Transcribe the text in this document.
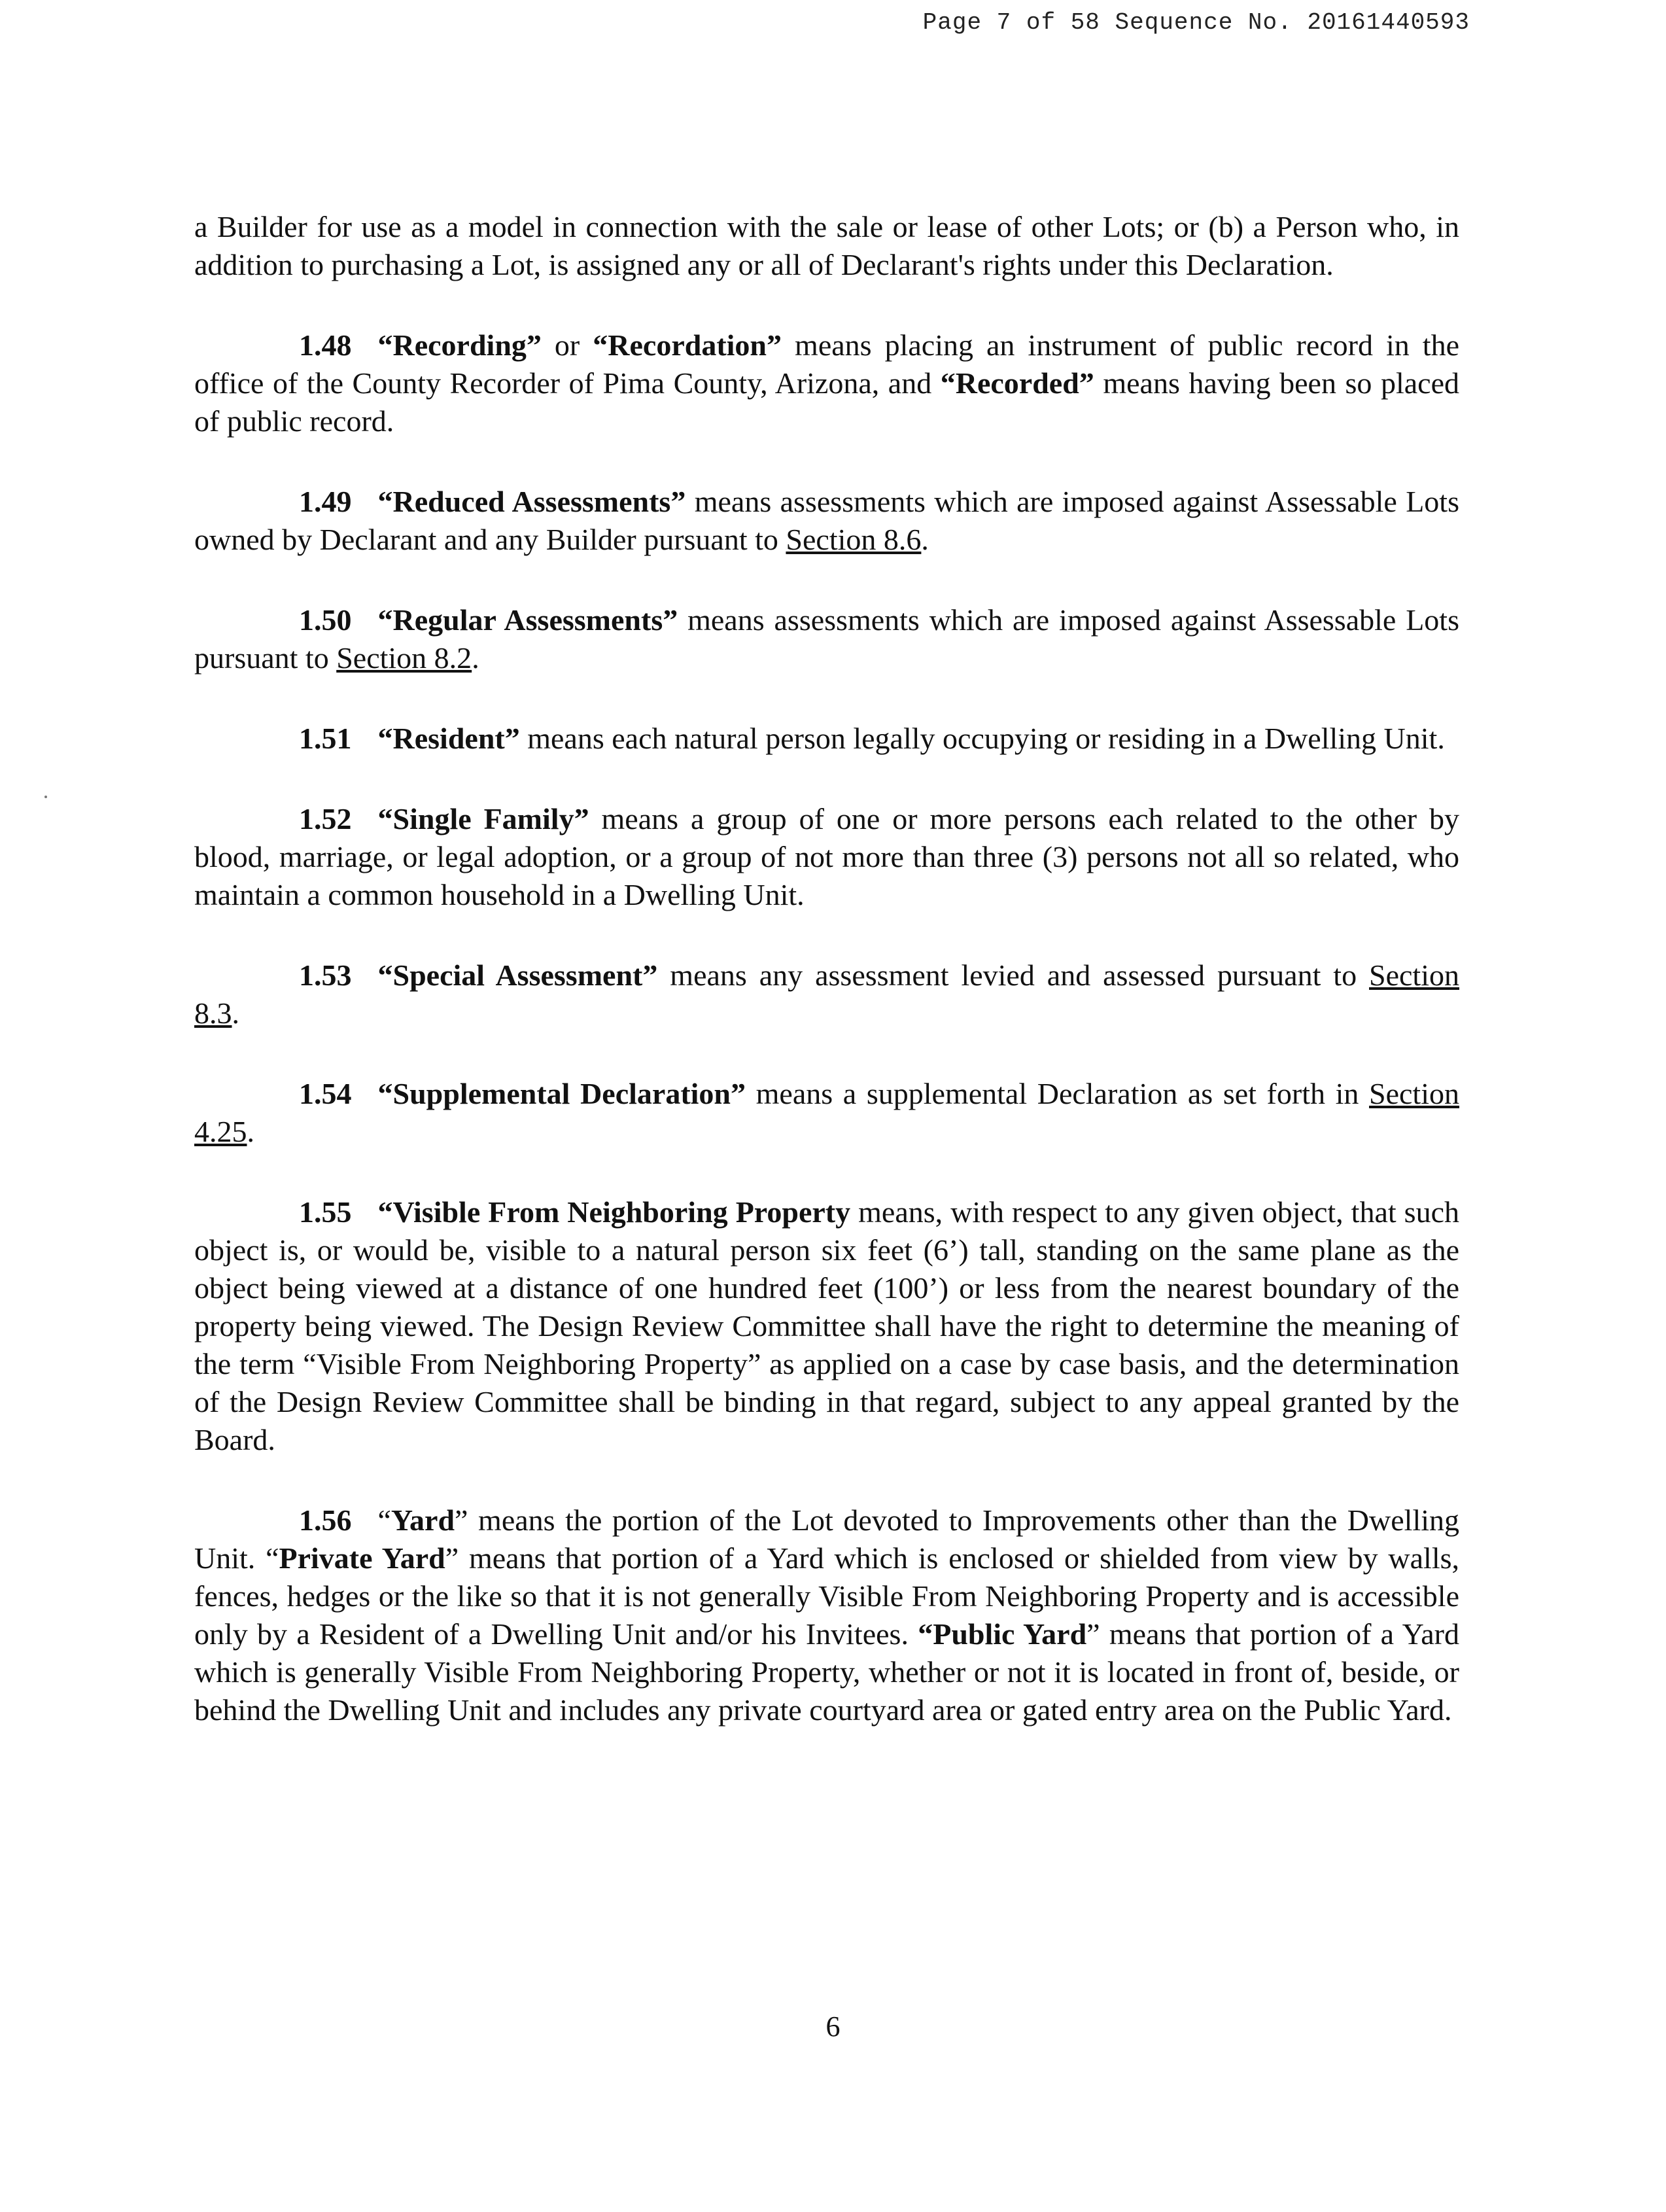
Page 7 of 58 Sequence No. 20161440593

a Builder for use as a model in connection with the sale or lease of other Lots; or (b) a Person who, in addition to purchasing a Lot, is assigned any or all of Declarant's rights under this Declaration.

1.48 “Recording” or “Recordation” means placing an instrument of public record in the office of the County Recorder of Pima County, Arizona, and “Recorded” means having been so placed of public record.

1.49 “Reduced Assessments” means assessments which are imposed against Assessable Lots owned by Declarant and any Builder pursuant to Section 8.6.

1.50 “Regular Assessments” means assessments which are imposed against Assessable Lots pursuant to Section 8.2.

1.51 “Resident” means each natural person legally occupying or residing in a Dwelling Unit.

1.52 “Single Family” means a group of one or more persons each related to the other by blood, marriage, or legal adoption, or a group of not more than three (3) persons not all so related, who maintain a common household in a Dwelling Unit.

1.53 “Special Assessment” means any assessment levied and assessed pursuant to Section 8.3.

1.54 “Supplemental Declaration” means a supplemental Declaration as set forth in Section 4.25.

1.55 “Visible From Neighboring Property means, with respect to any given object, that such object is, or would be, visible to a natural person six feet (6’) tall, standing on the same plane as the object being viewed at a distance of one hundred feet (100’) or less from the nearest boundary of the property being viewed. The Design Review Committee shall have the right to determine the meaning of the term “Visible From Neighboring Property” as applied on a case by case basis, and the determination of the Design Review Committee shall be binding in that regard, subject to any appeal granted by the Board.

1.56 “Yard” means the portion of the Lot devoted to Improvements other than the Dwelling Unit. “Private Yard” means that portion of a Yard which is enclosed or shielded from view by walls, fences, hedges or the like so that it is not generally Visible From Neighboring Property and is accessible only by a Resident of a Dwelling Unit and/or his Invitees. “Public Yard” means that portion of a Yard which is generally Visible From Neighboring Property, whether or not it is located in front of, beside, or behind the Dwelling Unit and includes any private courtyard area or gated entry area on the Public Yard.

6
